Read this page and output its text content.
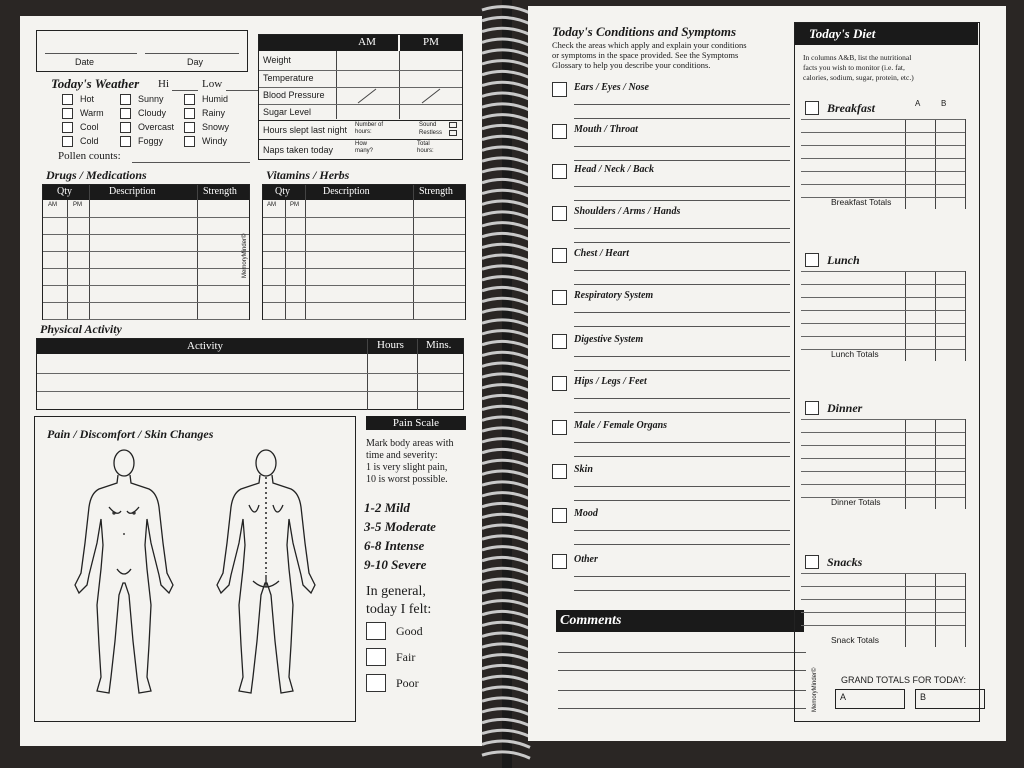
Date	Day
Today's Weather Hi	Low
Pollen counts:
AM	PM
Weight
Temperature
Blood Pressure
Sugar Level
Hours slept last night Number of hours:
Sound
Restless
Naps taken today
How many?
Total hours:
Drugs / Medications
Qty	Description	Strength
AM	PM
Vitamins / Herbs
Qty	Description	Strength
AM PM
MemoryMinder©
Physical Activity
Activity	Hours Mins.
Pain / Discomfort / Skin Changes
Pain Scale
In general,
today I felt:
Hot	Sunny	Humid
Warm	Cloudy	Rainy
Cool	Overcast	Snowy
Cold	Foggy	Windy
Mark body areas with
time and severity:
1 is very slight pain,
10 is worst possible.
1-2 Mild
3-5 Moderate
6-8 Intense
9-10 Severe
Good
Fair
Poor
Today's Conditions and Symptoms
Comments
Today's Diet
GRAND TOTALS FOR TODAY:
A	B
In columns A&B, list the nutritional
facts you wish to monitor (i.e. fat,
calories, sodium, sugar, protein, etc.)
Breakfast	A	B
Breakfast Totals
Lunch
Lunch Totals
Dinner
Dinner Totals
Snacks
Snack Totals
MemoryMinder©
Check the areas which apply and explain your conditions
or symptoms in the space provided. See the Symptoms
Glossary to help you describe your conditions.
Ears / Eyes / Nose
Mouth / Throat
Head / Neck / Back
Shoulders / Arms / Hands
Chest / Heart
Respiratory System
Digestive System
Hips / Legs / Feet
Male / Female Organs
Skin
Mood
Other
